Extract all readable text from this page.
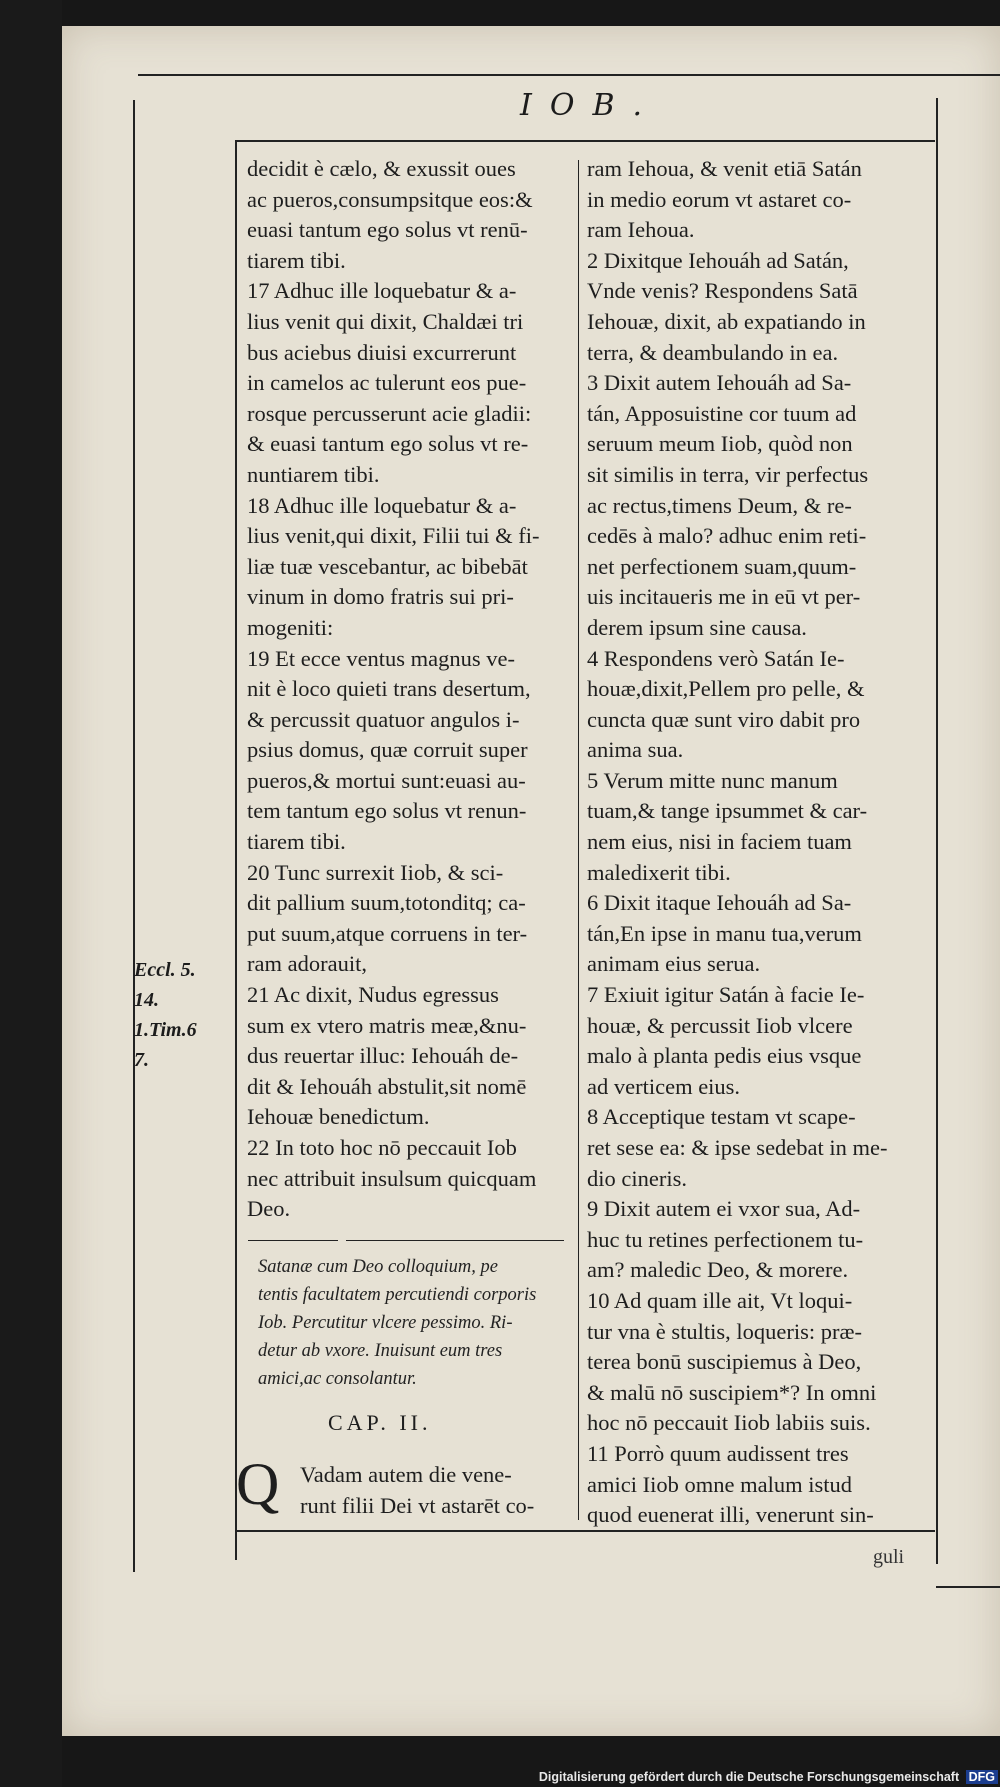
IOB.
Eccl. 5.
14.
1.Tim.6
7.
decidit è cælo, & exussit oues
ac pueros,consumpsitque eos:&
euasi tantum ego solus vt renū-
tiarem tibi.
17 Adhuc ille loquebatur & a-
lius venit qui dixit, Chaldæi tri
bus aciebus diuisi excurrerunt
in camelos ac tulerunt eos pue-
rosque percusserunt acie gladii:
& euasi tantum ego solus vt re-
nuntiarem tibi.
18 Adhuc ille loquebatur & a-
lius venit,qui dixit, Filii tui & fi-
liæ tuæ vescebantur, ac bibebāt
vinum in domo fratris sui pri-
mogeniti:
19 Et ecce ventus magnus ve-
nit è loco quieti trans desertum,
& percussit quatuor angulos i-
psius domus, quæ corruit super
pueros,& mortui sunt:euasi au-
tem tantum ego solus vt renun-
tiarem tibi.
20 Tunc surrexit Iiob, & sci-
dit pallium suum,totonditq; ca-
put suum,atque corruens in ter-
ram adorauit,
21 Ac dixit, Nudus egressus
sum ex vtero matris meæ,&nu-
dus reuertar illuc: Iehouáh de-
dit & Iehouáh abstulit,sit nomē
Iehouæ benedictum.
22 In toto hoc nō peccauit Iob
nec attribuit insulsum quicquam
Deo.
Satanæ cum Deo colloquium, pe
tentis facultatem percutiendi corporis
Iob. Percutitur vlcere pessimo. Ri-
detur ab vxore. Inuisunt eum tres
amici,ac consolantur.
CAP. II.
Q Vadam autem die vene-
runt filii Dei vt astarēt co-
ram Iehoua, & venit etiā Satán
in medio eorum vt astaret co-
ram Iehoua.
2 Dixitque Iehouáh ad Satán,
Vnde venis? Respondens Satā
Iehouæ, dixit, ab expatiando in
terra, & deambulando in ea.
3 Dixit autem Iehouáh ad Sa-
tán, Apposuistine cor tuum ad
seruum meum Iiob, quòd non
sit similis in terra, vir perfectus
ac rectus,timens Deum, & re-
cedēs à malo? adhuc enim reti-
net perfectionem suam,quum-
uis incitaueris me in eū vt per-
derem ipsum sine causa.
4 Respondens verò Satán Ie-
houæ,dixit,Pellem pro pelle, &
cuncta quæ sunt viro dabit pro
anima sua.
5 Verum mitte nunc manum
tuam,& tange ipsummet & car-
nem eius, nisi in faciem tuam
maledixerit tibi.
6 Dixit itaque Iehouáh ad Sa-
tán,En ipse in manu tua,verum
animam eius serua.
7 Exiuit igitur Satán à facie Ie-
houæ, & percussit Iiob vlcere
malo à planta pedis eius vsque
ad verticem eius.
8 Acceptique testam vt scape-
ret sese ea: & ipse sedebat in me-
dio cineris.
9 Dixit autem ei vxor sua, Ad-
huc tu retines perfectionem tu-
am? maledic Deo, & morere.
10 Ad quam ille ait, Vt loqui-
tur vna è stultis, loqueris: præ-
terea bonū suscipiemus à Deo,
& malū nō suscipiem*? In omni
hoc nō peccauit Iiob labiis suis.
11 Porrò quum audissent tres
amici Iiob omne malum istud
quod euenerat illi, venerunt sin-
guli
Digitalisierung gefördert durch die Deutsche Forschungsgemeinschaft DFG
